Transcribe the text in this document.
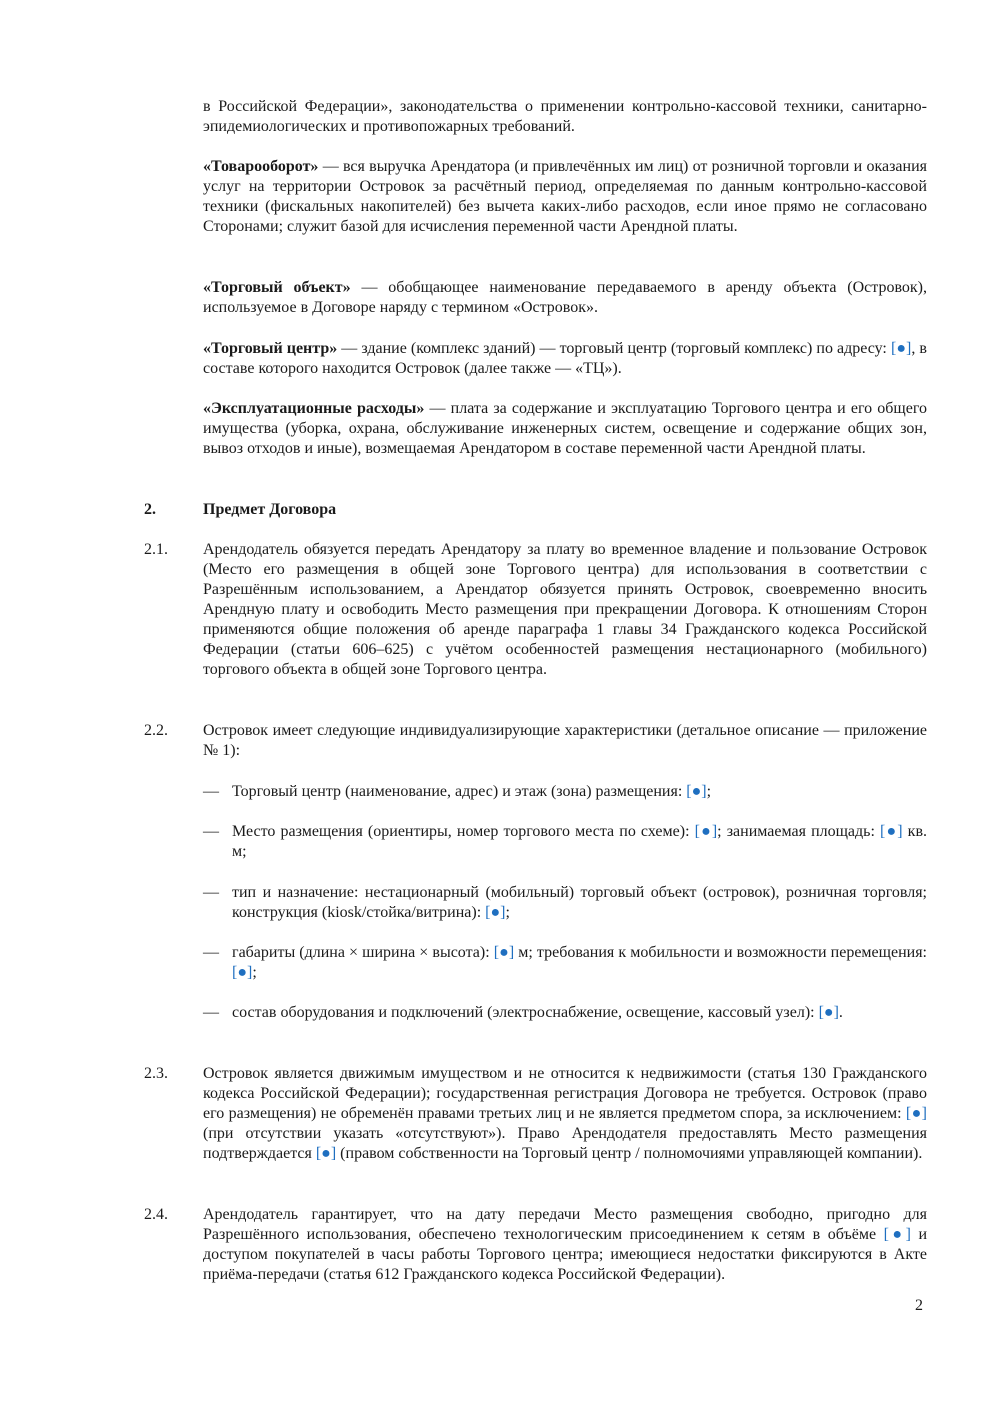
в Российской Федерации», законодательства о применении контрольно-кассовой техники, санитарно-эпидемиологических и противопожарных требований.

«Товарооборот» — вся выручка Арендатора (и привлечённых им лиц) от розничной торговли и оказания услуг на территории Островок за расчётный период, определяемая по данным контрольно-кассовой техники (фискальных накопителей) без вычета каких-либо расходов, если иное прямо не согласовано Сторонами; служит базой для исчисления переменной части Арендной платы.

«Торговый объект» — обобщающее наименование передаваемого в аренду объекта (Островок), используемое в Договоре наряду с термином «Островок».

«Торговый центр» — здание (комплекс зданий) — торговый центр (торговый комплекс) по адресу: [●], в составе которого находится Островок (далее также — «ТЦ»).

«Эксплуатационные расходы» — плата за содержание и эксплуатацию Торгового центра и его общего имущества (уборка, охрана, обслуживание инженерных систем, освещение и содержание общих зон, вывоз отходов и иные), возмещаемая Арендатором в составе переменной части Арендной платы.

2.	Предмет Договора

2.1. Арендодатель обязуется передать Арендатору за плату во временное владение и пользование Островок (Место его размещения в общей зоне Торгового центра) для использования в соответствии с Разрешённым использованием, а Арендатор обязуется принять Островок, своевременно вносить Арендную плату и освободить Место размещения при прекращении Договора. К отношениям Сторон применяются общие положения об аренде параграфа 1 главы 34 Гражданского кодекса Российской Федерации (статьи 606–625) с учётом особенностей размещения нестационарного (мобильного) торгового объекта в общей зоне Торгового центра.

2.2. Островок имеет следующие индивидуализирующие характеристики (детальное описание — приложение № 1):

— Торговый центр (наименование, адрес) и этаж (зона) размещения: [●];
— Место размещения (ориентиры, номер торгового места по схеме): [●]; занимаемая площадь: [●] кв. м;
— тип и назначение: нестационарный (мобильный) торговый объект (островок), розничная торговля; конструкция (kiosk/стойка/витрина): [●];
— габариты (длина × ширина × высота): [●] м; требования к мобильности и возможности перемещения: [●];
— состав оборудования и подключений (электроснабжение, освещение, кассовый узел): [●].

2.3. Островок является движимым имуществом и не относится к недвижимости (статья 130 Гражданского кодекса Российской Федерации); государственная регистрация Договора не требуется. Островок (право его размещения) не обременён правами третьих лиц и не является предметом спора, за исключением: [●] (при отсутствии указать «отсутствуют»). Право Арендодателя предоставлять Место размещения подтверждается [●] (правом собственности на Торговый центр / полномочиями управляющей компании).

2.4. Арендодатель гарантирует, что на дату передачи Место размещения свободно, пригодно для Разрешённого использования, обеспечено технологическим присоединением к сетям в объёме [●] и доступом покупателей в часы работы Торгового центра; имеющиеся недостатки фиксируются в Акте приёма-передачи (статья 612 Гражданского кодекса Российской Федерации).

2
